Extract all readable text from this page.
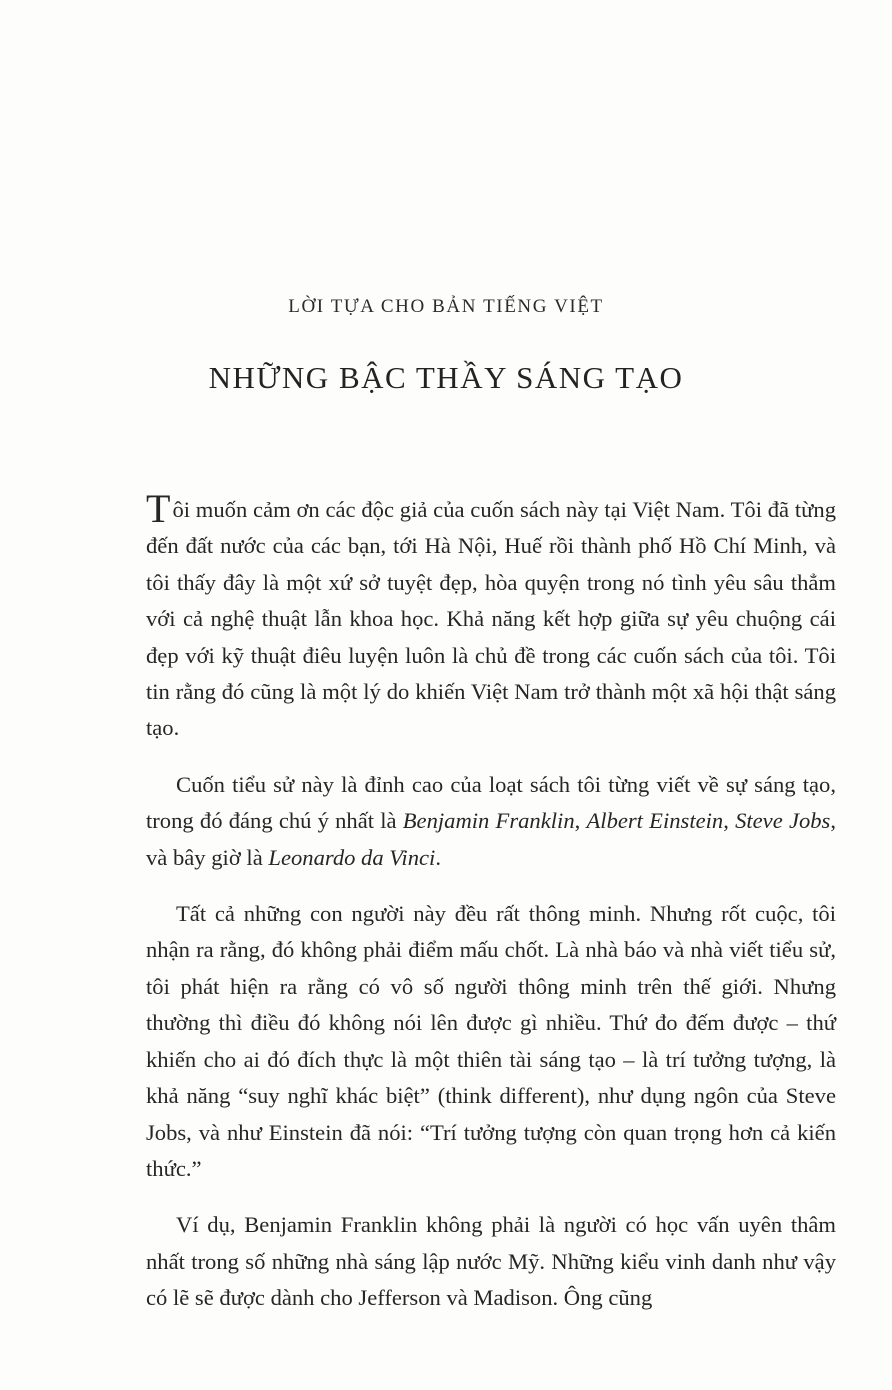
LỜI TỰA CHO BẢN TIẾNG VIỆT
NHỮNG BẬC THẦY SÁNG TẠO

Tôi muốn cảm ơn các độc giả của cuốn sách này tại Việt Nam. Tôi đã từng đến đất nước của các bạn, tới Hà Nội, Huế rồi thành phố Hồ Chí Minh, và tôi thấy đây là một xứ sở tuyệt đẹp, hòa quyện trong nó tình yêu sâu thẳm với cả nghệ thuật lẫn khoa học. Khả năng kết hợp giữa sự yêu chuộng cái đẹp với kỹ thuật điêu luyện luôn là chủ đề trong các cuốn sách của tôi. Tôi tin rằng đó cũng là một lý do khiến Việt Nam trở thành một xã hội thật sáng tạo.

Cuốn tiểu sử này là đỉnh cao của loạt sách tôi từng viết về sự sáng tạo, trong đó đáng chú ý nhất là Benjamin Franklin, Albert Einstein, Steve Jobs, và bây giờ là Leonardo da Vinci.

Tất cả những con người này đều rất thông minh. Nhưng rốt cuộc, tôi nhận ra rằng, đó không phải điểm mấu chốt. Là nhà báo và nhà viết tiểu sử, tôi phát hiện ra rằng có vô số người thông minh trên thế giới. Nhưng thường thì điều đó không nói lên được gì nhiều. Thứ đo đếm được – thứ khiến cho ai đó đích thực là một thiên tài sáng tạo – là trí tưởng tượng, là khả năng “suy nghĩ khác biệt” (think different), như dụng ngôn của Steve Jobs, và như Einstein đã nói: “Trí tưởng tượng còn quan trọng hơn cả kiến thức.”

Ví dụ, Benjamin Franklin không phải là người có học vấn uyên thâm nhất trong số những nhà sáng lập nước Mỹ. Những kiểu vinh danh như vậy có lẽ sẽ được dành cho Jefferson và Madison. Ông cũng
